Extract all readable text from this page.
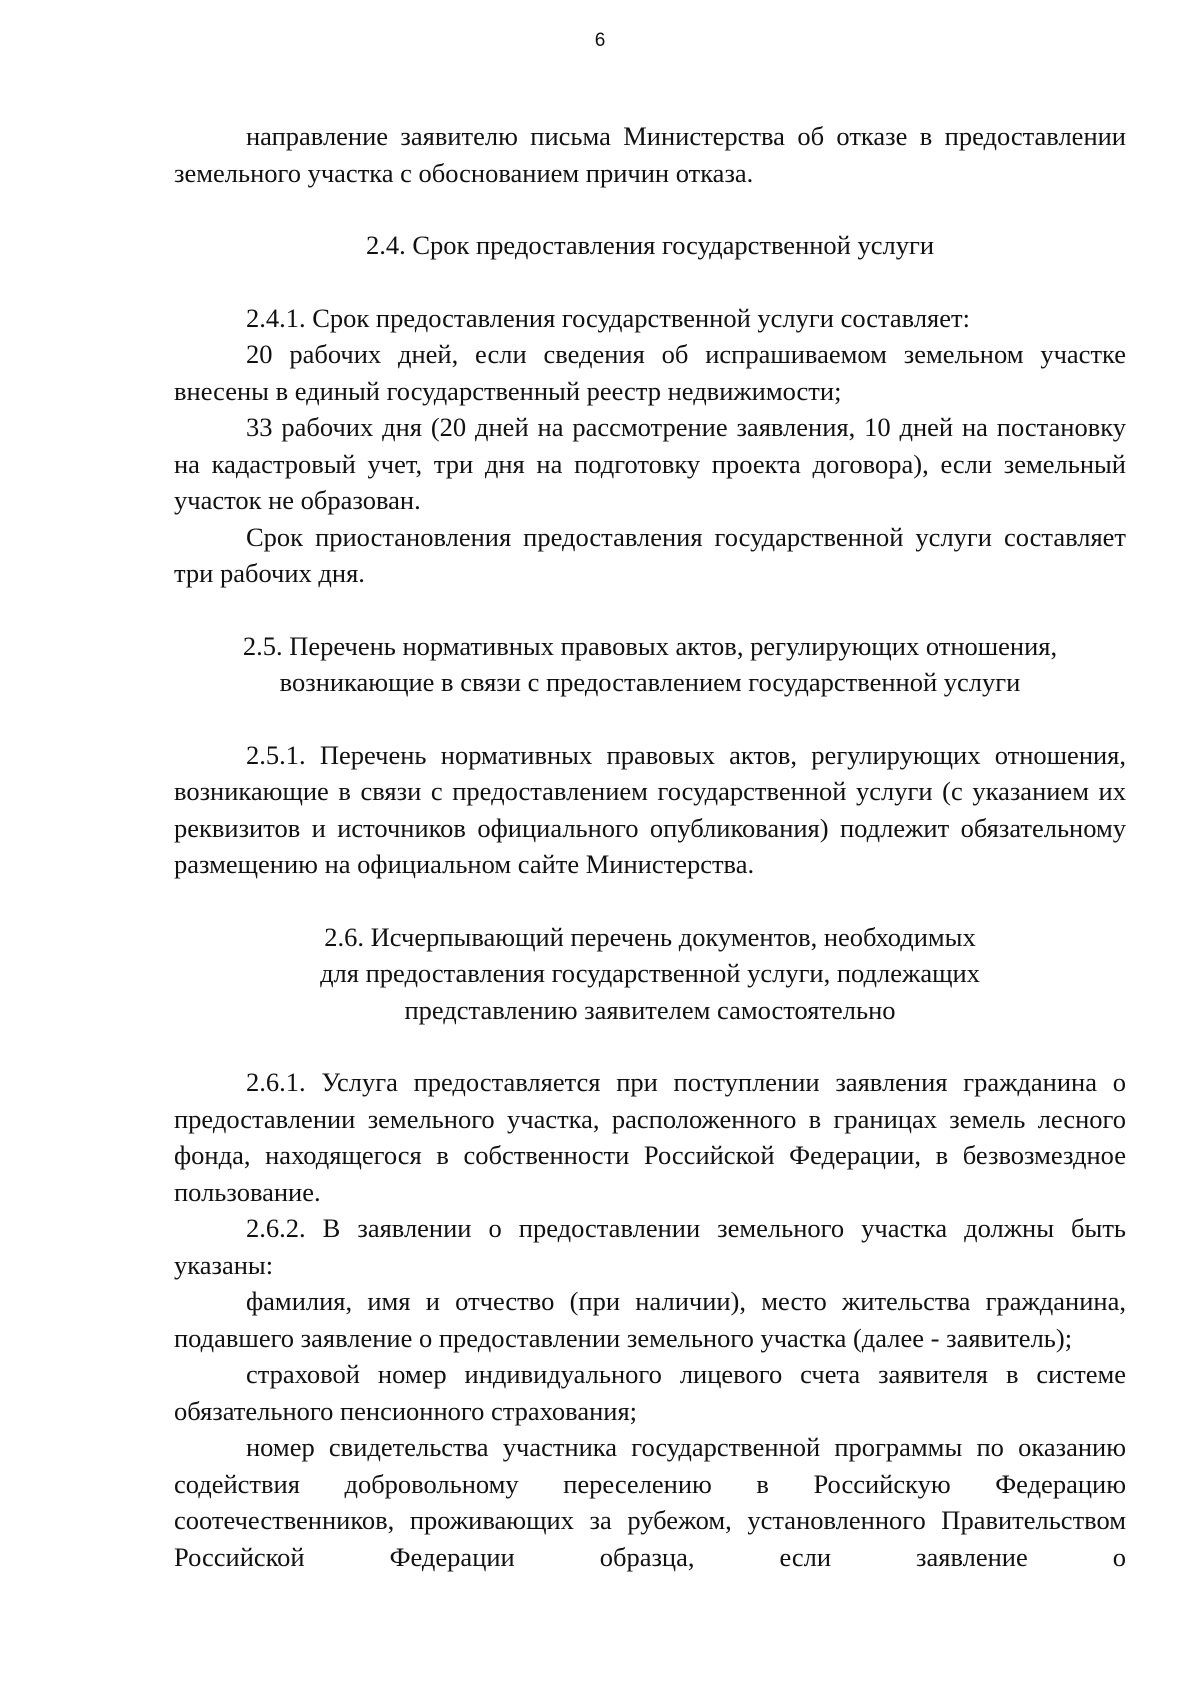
6

направление заявителю письма Министерства об отказе в предоставлении земельного участка с обоснованием причин отказа.

2.4. Срок предоставления государственной услуги

2.4.1. Срок предоставления государственной услуги составляет:

20 рабочих дней, если сведения об испрашиваемом земельном участке внесены в единый государственный реестр недвижимости;

33 рабочих дня (20 дней на рассмотрение заявления, 10 дней на постановку на кадастровый учет, три дня на подготовку проекта договора), если земельный участок не образован.

Срок приостановления предоставления государственной услуги составляет три рабочих дня.

2.5. Перечень нормативных правовых актов, регулирующих отношения,
возникающие в связи с предоставлением государственной услуги

2.5.1. Перечень нормативных правовых актов, регулирующих отношения, возникающие в связи с предоставлением государственной услуги (с указанием их реквизитов и источников официального опубликования) подлежит обязательному размещению на официальном сайте Министерства.

2.6. Исчерпывающий перечень документов, необходимых
для предоставления государственной услуги, подлежащих
представлению заявителем самостоятельно

2.6.1. Услуга предоставляется при поступлении заявления гражданина о предоставлении земельного участка, расположенного в границах земель лесного фонда, находящегося в собственности Российской Федерации, в безвозмездное пользование.

2.6.2. В заявлении о предоставлении земельного участка должны быть указаны:

фамилия, имя и отчество (при наличии), место жительства гражданина, подавшего заявление о предоставлении земельного участка (далее - заявитель);

страховой номер индивидуального лицевого счета заявителя в системе обязательного пенсионного страхования;

номер свидетельства участника государственной программы по оказанию содействия добровольному переселению в Российскую Федерацию соотечественников, проживающих за рубежом, установленного Правительством Российской Федерации образца, если заявление о
